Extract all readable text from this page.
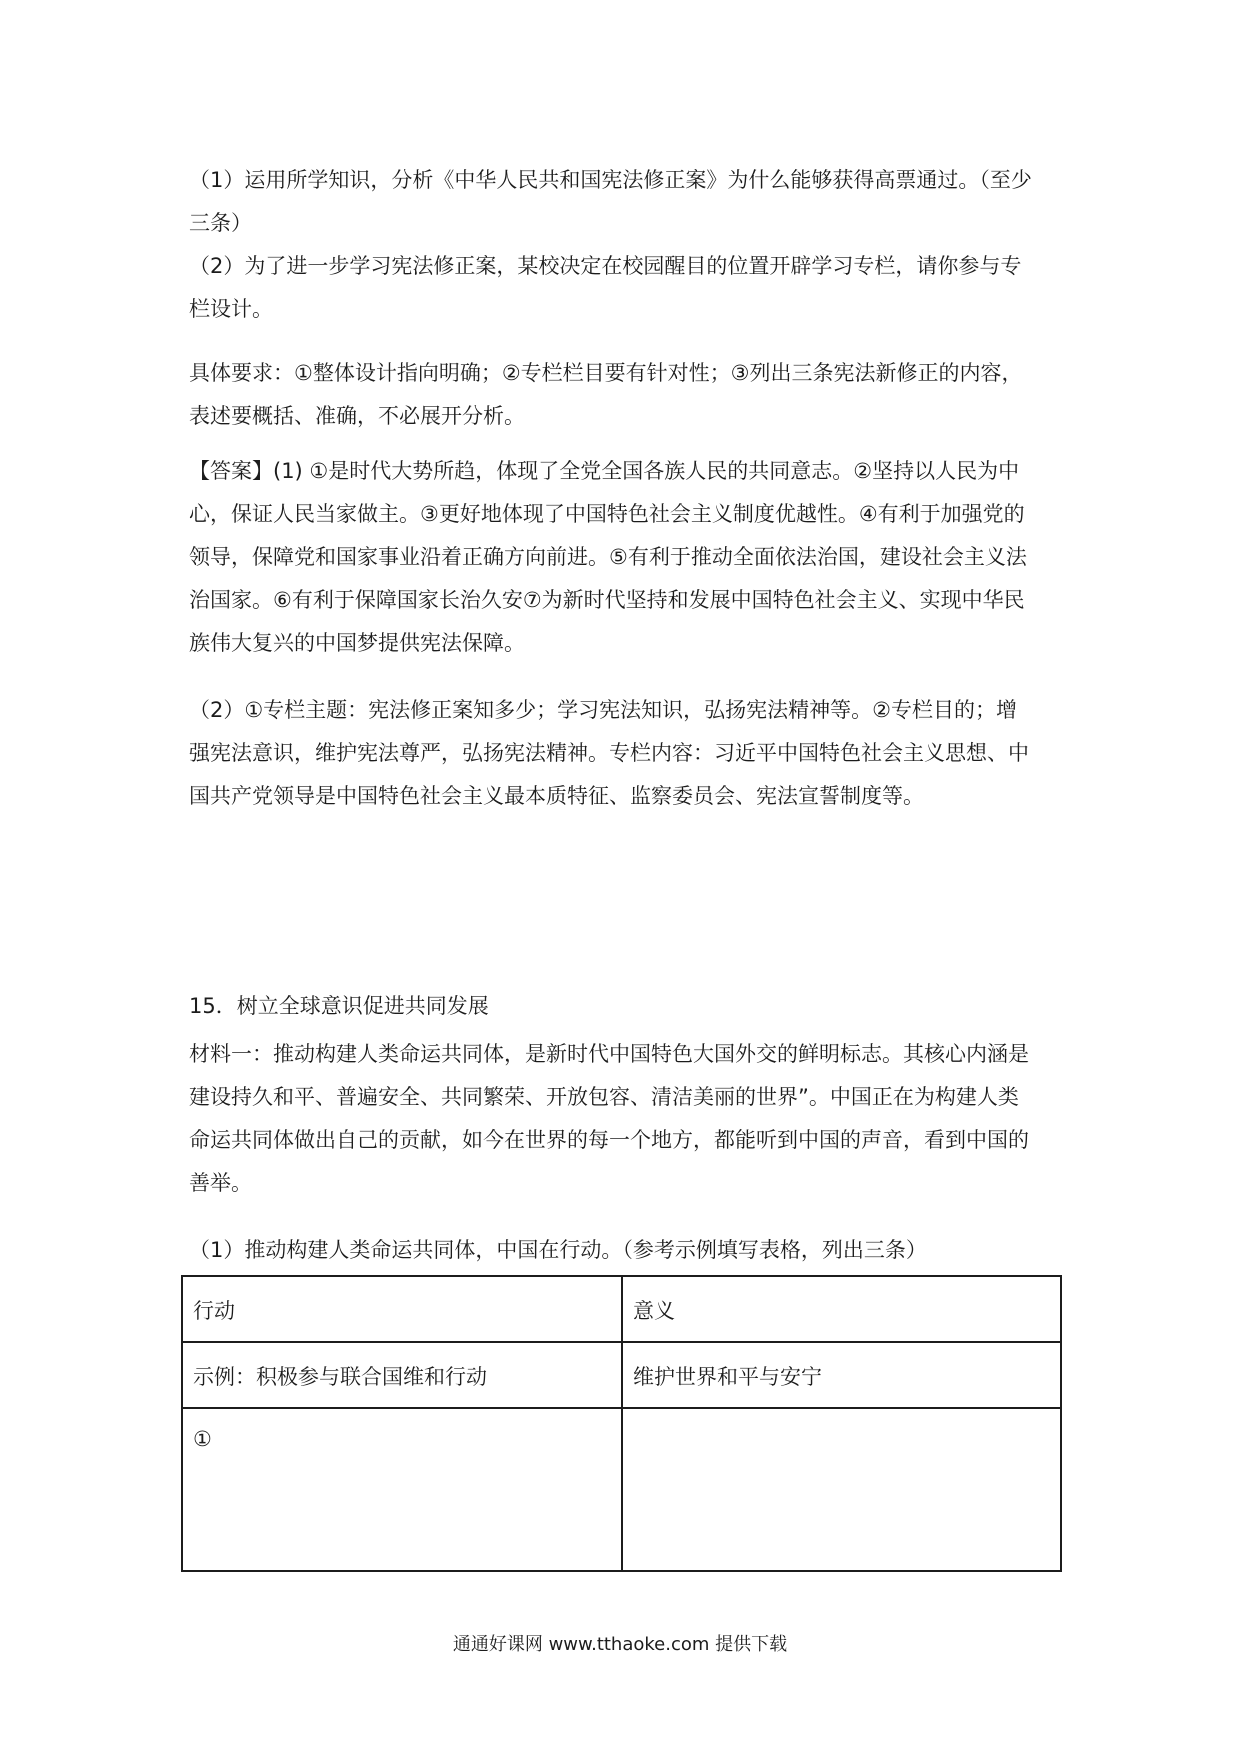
（1）运用所学知识，分析《中华人民共和国宪法修正案》为什么能够获得高票通过。（至少
三条）
（2）为了进一步学习宪法修正案，某校决定在校园醒目的位置开辟学习专栏，请你参与专
栏设计。
具体要求：①整体设计指向明确；②专栏栏目要有针对性；③列出三条宪法新修正的内容，
表述要概括、准确，不必展开分析。
【答案】(1) ①是时代大势所趋，体现了全党全国各族人民的共同意志。②坚持以人民为中
心，保证人民当家做主。③更好地体现了中国特色社会主义制度优越性。④有利于加强党的
领导，保障党和国家事业沿着正确方向前进。⑤有利于推动全面依法治国，建设社会主义法
治国家。⑥有利于保障国家长治久安⑦为新时代坚持和发展中国特色社会主义、实现中华民
族伟大复兴的中国梦提供宪法保障。
（2）①专栏主题：宪法修正案知多少；学习宪法知识，弘扬宪法精神等。②专栏目的；增
强宪法意识，维护宪法尊严，弘扬宪法精神。专栏内容：习近平中国特色社会主义思想、中
国共产党领导是中国特色社会主义最本质特征、监察委员会、宪法宣誓制度等。
15．树立全球意识促进共同发展
材料一：推动构建人类命运共同体，是新时代中国特色大国外交的鲜明标志。其核心内涵是
建设持久和平、普遍安全、共同繁荣、开放包容、清洁美丽的世界”。中国正在为构建人类
命运共同体做出自己的贡献，如今在世界的每一个地方，都能听到中国的声音，看到中国的
善举。
（1）推动构建人类命运共同体，中国在行动。（参考示例填写表格，列出三条）
行动	意义
示例：积极参与联合国维和行动	维护世界和平与安宁
①	
通通好课网 www.tthaoke.com 提供下载
